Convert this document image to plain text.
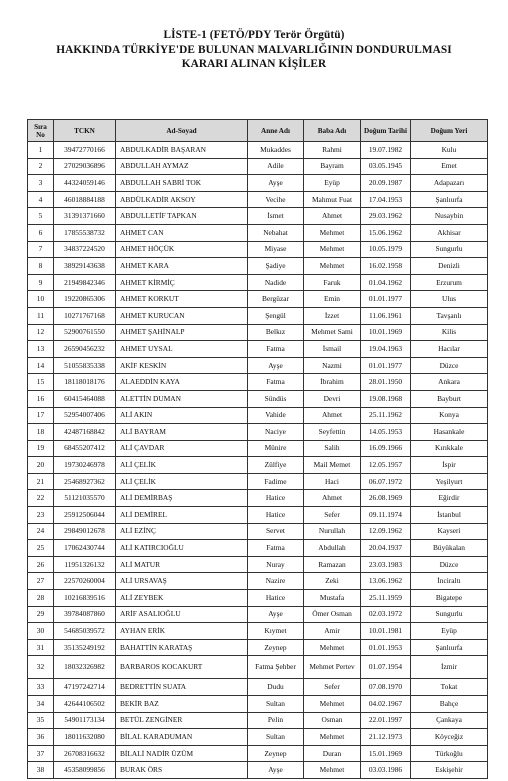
LİSTE-1 (FETÖ/PDY Terör Örgütü)
HAKKINDA TÜRKİYE'DE BULUNAN MALVARLIĞININ DONDURULMASI
KARARI ALINAN KİŞİLER
Sıra No	TCKN	Ad-Soyad	Anne Adı	Baba Adı	Doğum Tarihi	Doğum Yeri
1	39472770166	ABDULKADİR BAŞARAN	Mukaddes	Rahmi	19.07.1982	Kulu
2	27029036896	ABDULLAH AYMAZ	Adile	Bayram	03.05.1945	Emet
3	44324059146	ABDULLAH SABRİ TOK	Ayşe	Eyüp	20.09.1987	Adapazarı
4	46018884188	ABDÜLKADİR AKSOY	Vecihe	Mahmut Fuat	17.04.1953	Şanlıurfa
5	31391371660	ABDULLETİF TAPKAN	İsmet	Ahmet	29.03.1962	Nusaybin
6	17855538732	AHMET CAN	Nebahat	Mehmet	15.06.1962	Akhisar
7	34837224520	AHMET HÖÇÜK	Miyase	Mehmet	10.05.1979	Sungurlu
8	38929143638	AHMET KARA	Şadiye	Mehmet	16.02.1958	Denizli
9	21949842346	AHMET KİRMİÇ	Nadide	Faruk	01.04.1962	Erzurum
10	19220865306	AHMET KORKUT	Bergüzar	Emin	01.01.1977	Ulus
11	10271767168	AHMET KURUCAN	Şengül	İzzet	11.06.1961	Tavşanlı
12	52900761550	AHMET ŞAHİNALP	Belkız	Mehmet Sami	10.01.1969	Kilis
13	26590456232	AHMET UYSAL	Fatma	İsmail	19.04.1963	Hacılar
14	51055835338	AKİF KESKİN	Ayşe	Nazmi	01.01.1977	Düzce
15	18118018176	ALAEDDİN KAYA	Fatma	İbrahim	28.01.1950	Ankara
16	60415464088	ALETTİN DUMAN	Sündüs	Devri	19.08.1968	Bayburt
17	52954007406	ALİ AKIN	Vahide	Ahmet	25.11.1962	Konya
18	42487168842	ALİ BAYRAM	Naciye	Seyfettin	14.05.1953	Hasankale
19	68455207412	ALİ ÇAVDAR	Münire	Salih	16.09.1966	Kırıkkale
20	19730246978	ALİ ÇELİK	Zülfiye	Mail Memet	12.05.1957	İspir
21	25468927362	ALİ ÇELİK	Fadime	Haci	06.07.1972	Yeşilyurt
22	51121035570	ALİ DEMİRBAŞ	Hatice	Ahmet	26.08.1969	Eğirdir
23	25912506044	ALİ DEMİREL	Hatice	Sefer	09.11.1974	İstanbul
24	29849012678	ALİ EZİNÇ	Servet	Nurullah	12.09.1962	Kayseri
25	17062430744	ALİ KATIRCIOĞLU	Fatma	Abdullah	20.04.1937	Büyükalan
26	11951326132	ALİ MATUR	Nuray	Ramazan	23.03.1983	Düzce
27	22570260004	ALİ URSAVAŞ	Nazire	Zeki	13.06.1962	İnciraltı
28	10216839516	ALİ ZEYBEK	Hatice	Mustafa	25.11.1959	Bigatepe
29	39784087860	ARİF ASALIOĞLU	Ayşe	Ömer Osman	02.03.1972	Sungurlu
30	54685039572	AYHAN ERİK	Kıymet	Amir	10.01.1981	Eyüp
31	35135249192	BAHATTİN KARATAŞ	Zeynep	Mehmet	01.01.1953	Şanlıurfa
32	18032326982	BARBAROS KOCAKURT	Fatma Şehber	Mehmet Pertev	01.07.1954	İzmir
33	47197242714	BEDRETTİN SUATA	Dudu	Sefer	07.08.1970	Tokat
34	42644106502	BEKİR BAZ	Sultan	Mehmet	04.02.1967	Bahçe
35	54901173134	BETÜL ZENGİNER	Pelin	Osman	22.01.1997	Çankaya
36	18011632080	BİLAL KARADUMAN	Sultan	Mehmet	21.12.1973	Köyceğiz
37	26708316632	BİLALİ NADİR ÜZÜM	Zeynep	Duran	15.01.1969	Türkoğlu
38	45358099856	BURAK ÖRS	Ayşe	Mehmet	03.03.1986	Eskişehir
